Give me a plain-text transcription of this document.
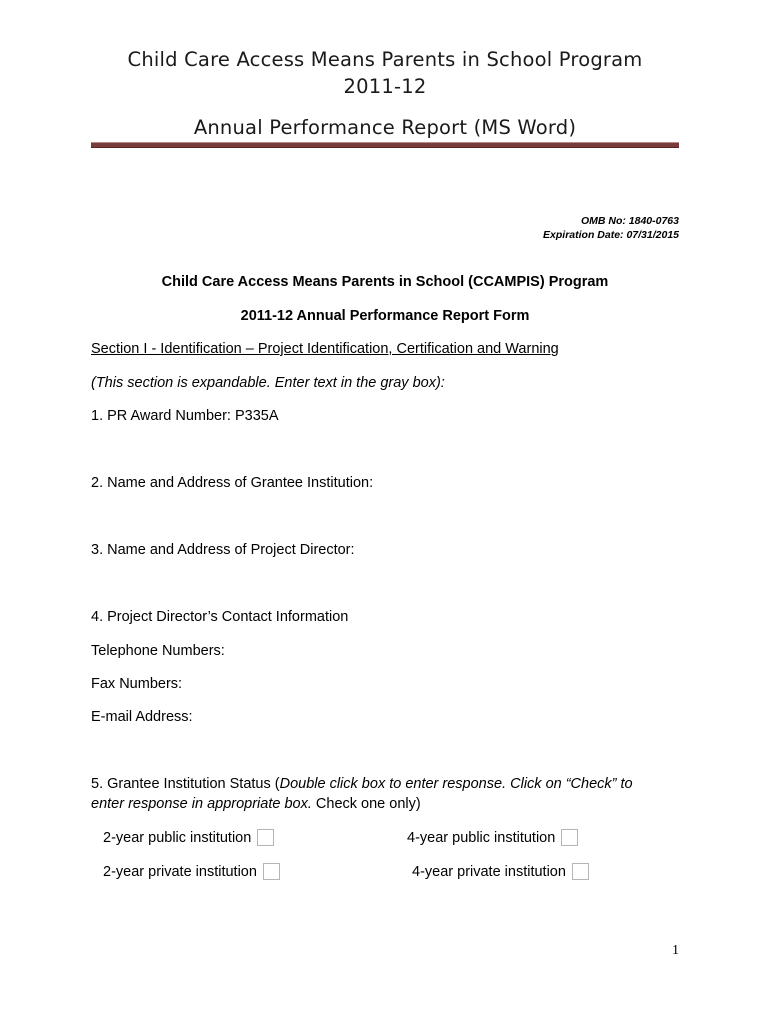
Child Care Access Means Parents in School Program
2011-12
Annual Performance Report (MS Word)
OMB No: 1840-0763
Expiration Date: 07/31/2015
Child Care Access Means Parents in School (CCAMPIS) Program
2011-12 Annual Performance Report Form
Section I - Identification – Project Identification, Certification and Warning
(This section is expandable. Enter text in the gray box):
1. PR Award Number: P335A
2. Name and Address of Grantee Institution:
3. Name and Address of Project Director:
4. Project Director’s Contact Information
Telephone Numbers:
Fax Numbers:
E-mail Address:
5. Grantee Institution Status (Double click box to enter response. Click on “Check” to
enter response in appropriate box. Check one only)
2-year public institution	4-year public institution
2-year private institution	4-year private institution
1
